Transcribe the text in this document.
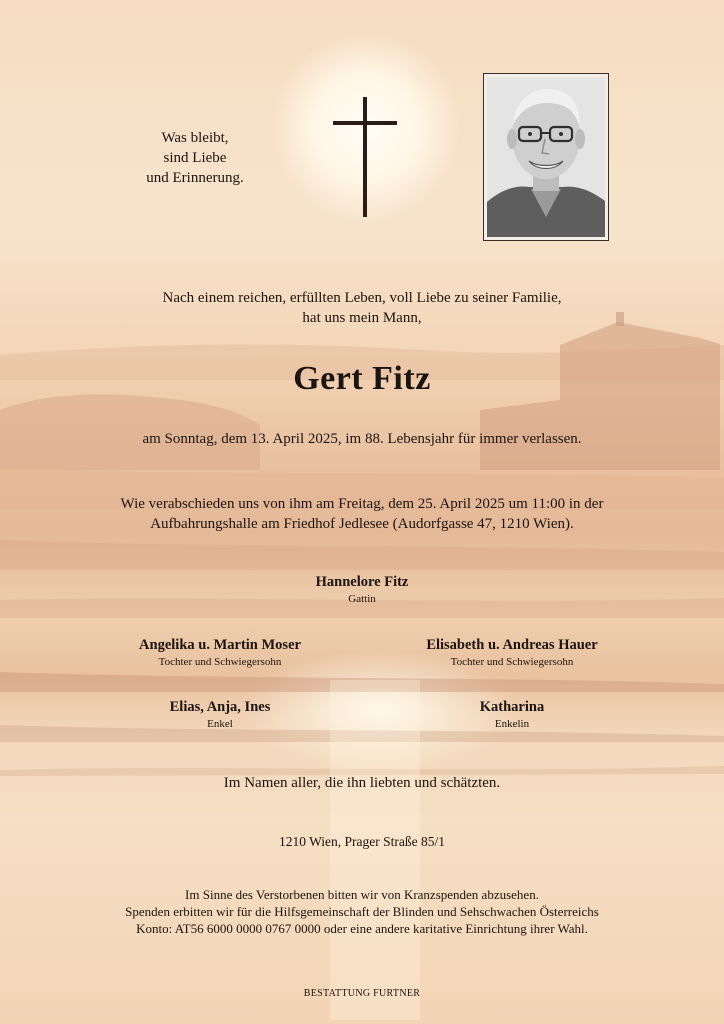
Was bleibt,
sind Liebe
und Erinnerung.
Nach einem reichen, erfüllten Leben, voll Liebe zu seiner Familie,
hat uns mein Mann,
Gert Fitz
am Sonntag, dem 13. April 2025, im 88. Lebensjahr für immer verlassen.
Wie verabschieden uns von ihm am Freitag, dem 25. April 2025 um 11:00 in der
Aufbahrungshalle am Friedhof Jedlesee (Audorfgasse 47, 1210 Wien).
Hannelore Fitz
Gattin
Angelika u. Martin Moser
Tochter und Schwiegersohn
Elisabeth u. Andreas Hauer
Tochter und Schwiegersohn
Elias, Anja, Ines
Enkel
Katharina
Enkelin
Im Namen aller, die ihn liebten und schätzten.
1210 Wien, Prager Straße 85/1
Im Sinne des Verstorbenen bitten wir von Kranzspenden abzusehen.
Spenden erbitten wir für die Hilfsgemeinschaft der Blinden und Sehschwachen Österreichs
Konto: AT56 6000 0000 0767 0000 oder eine andere karitative Einrichtung ihrer Wahl.
BESTATTUNG FURTNER
